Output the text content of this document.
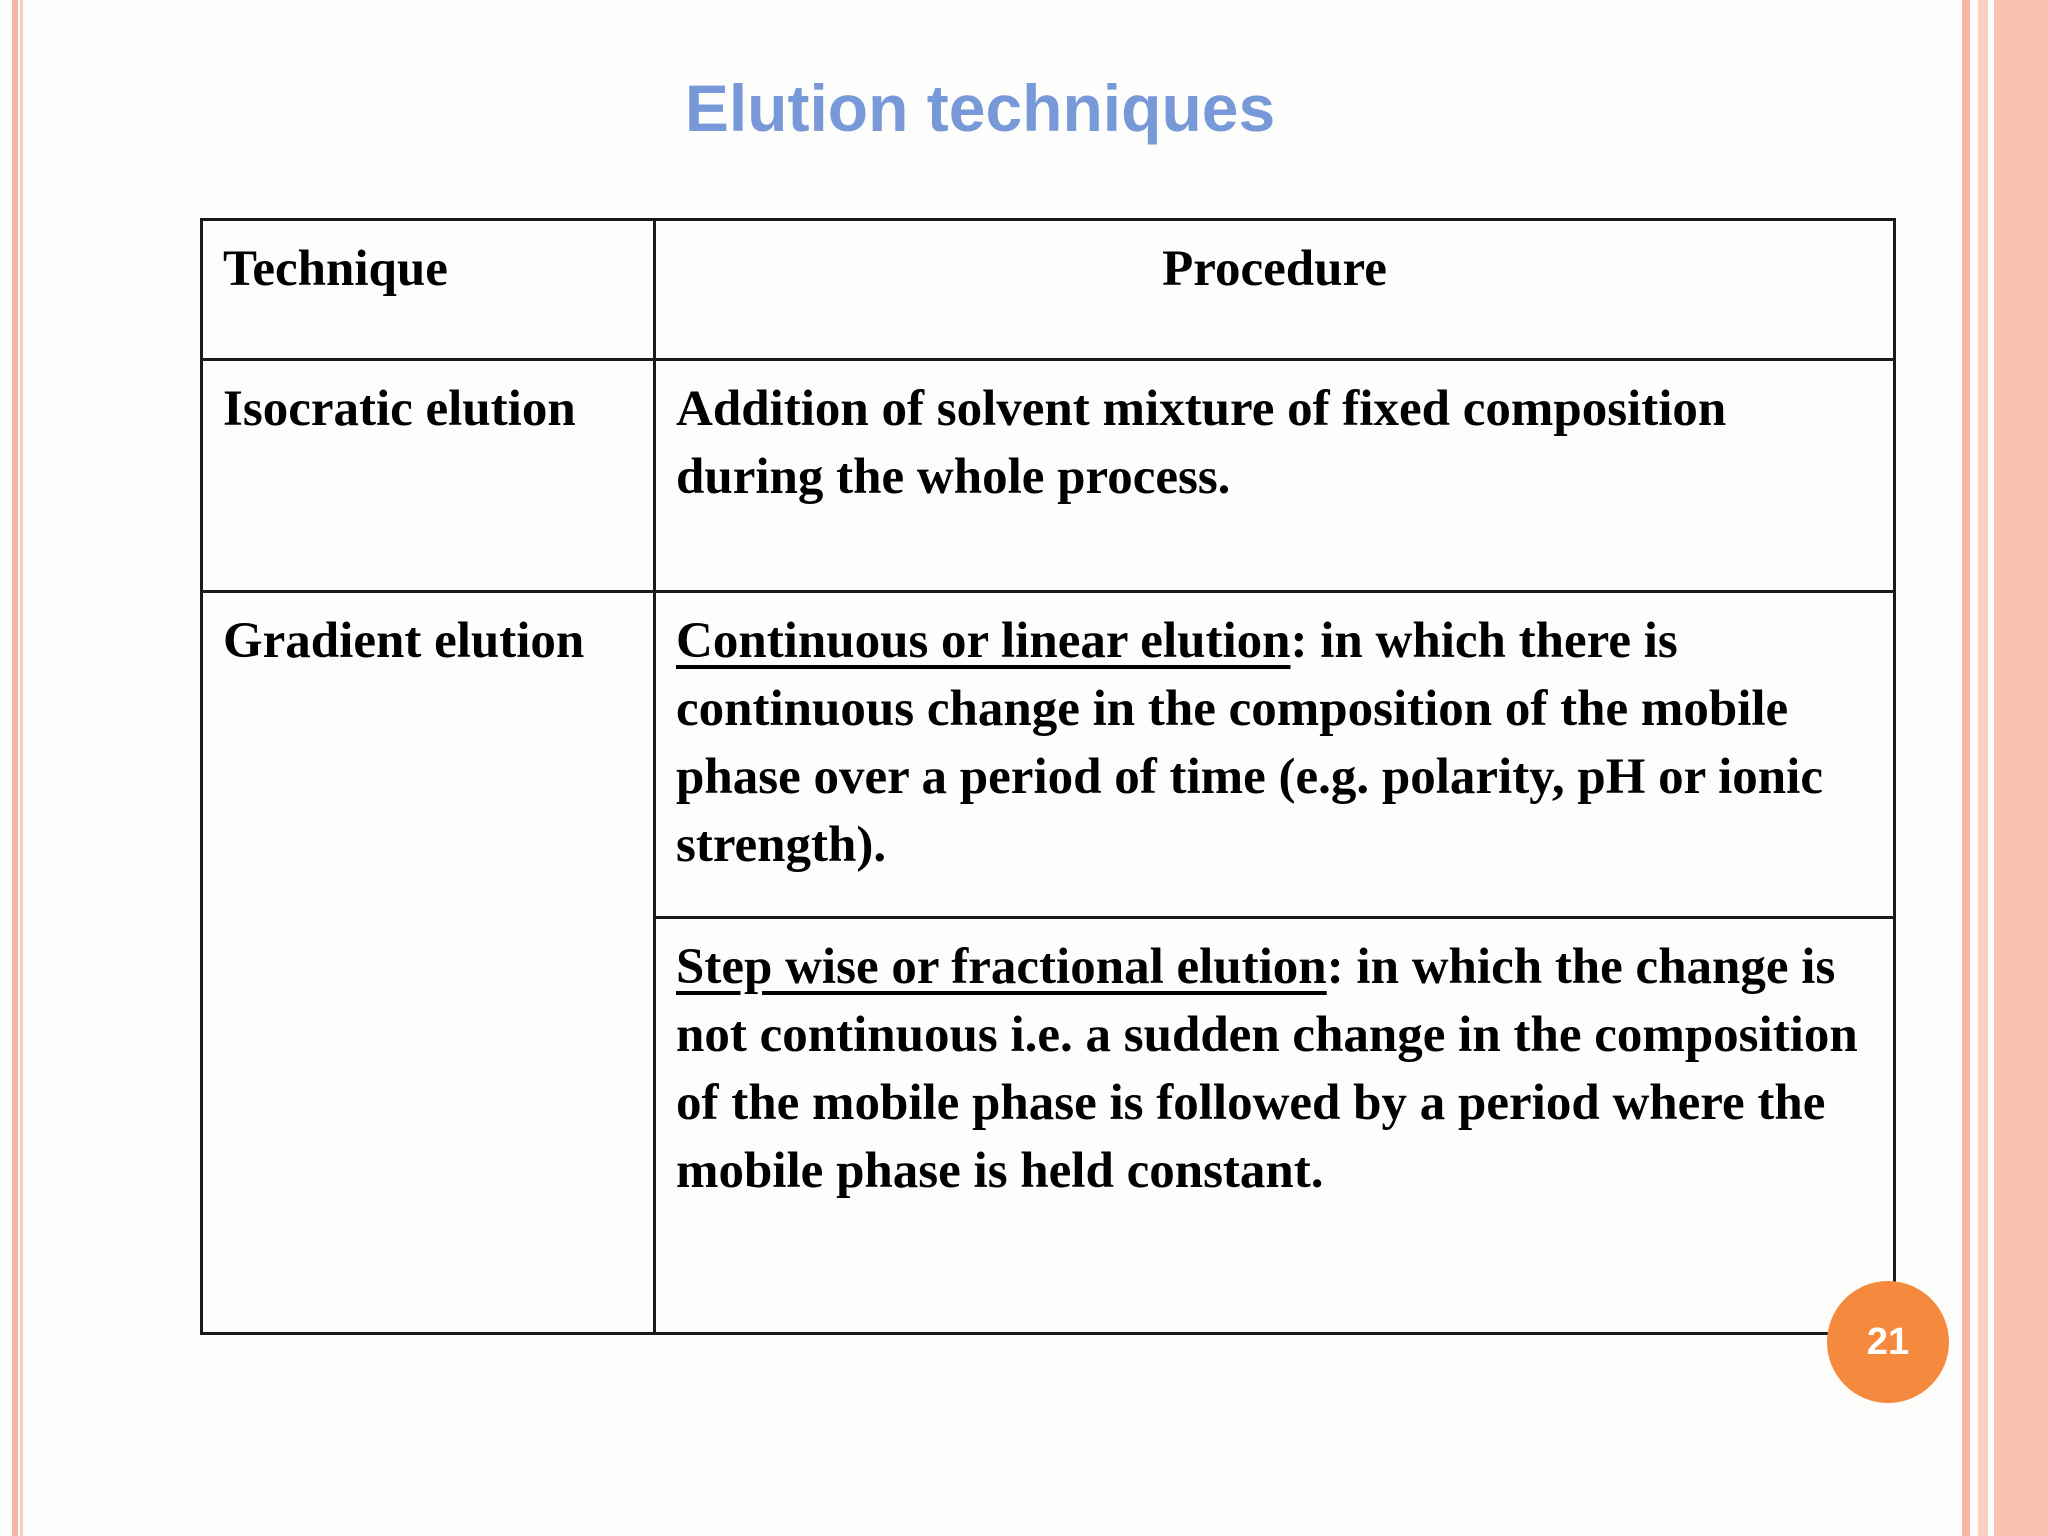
Elution techniques
Technique	Procedure
Isocratic elution	Addition of solvent mixture of fixed composition during the whole process.
Gradient elution	Continuous or linear elution: in which there is continuous change in the composition of the mobile phase over a period of time (e.g. polarity, pH or ionic strength).
	Step wise or fractional elution: in which the change is not continuous i.e. a sudden change in the composition of the mobile phase is followed by a period where the mobile phase is held constant.
21
